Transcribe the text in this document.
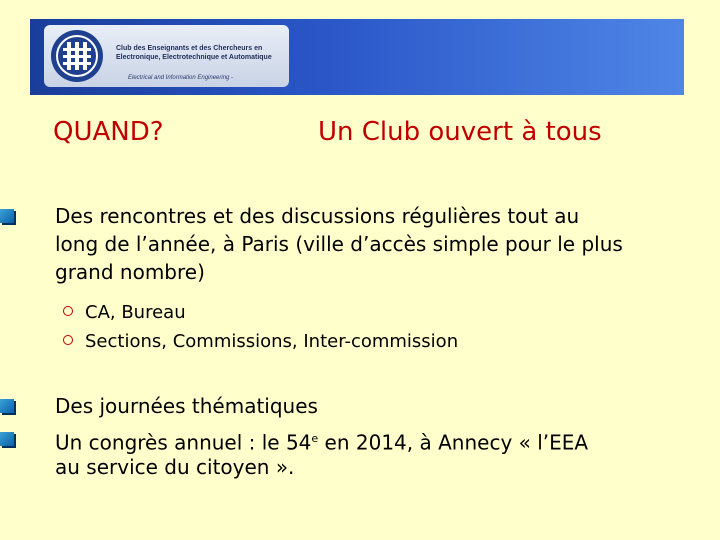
Club des Enseignants et des Chercheurs en
Electronique, Electrotechnique et Automatique
Electrical and Information Engineering -
QUAND?	Un Club ouvert à tous
Des rencontres et des discussions régulières tout au
long de l’année, à Paris (ville d’accès simple pour le plus
grand nombre)
CA, Bureau
Sections, Commissions, Inter-commission
Des journées thématiques
Un congrès annuel : le 54e en 2014, à Annecy « l’EEA
au service du citoyen ».
